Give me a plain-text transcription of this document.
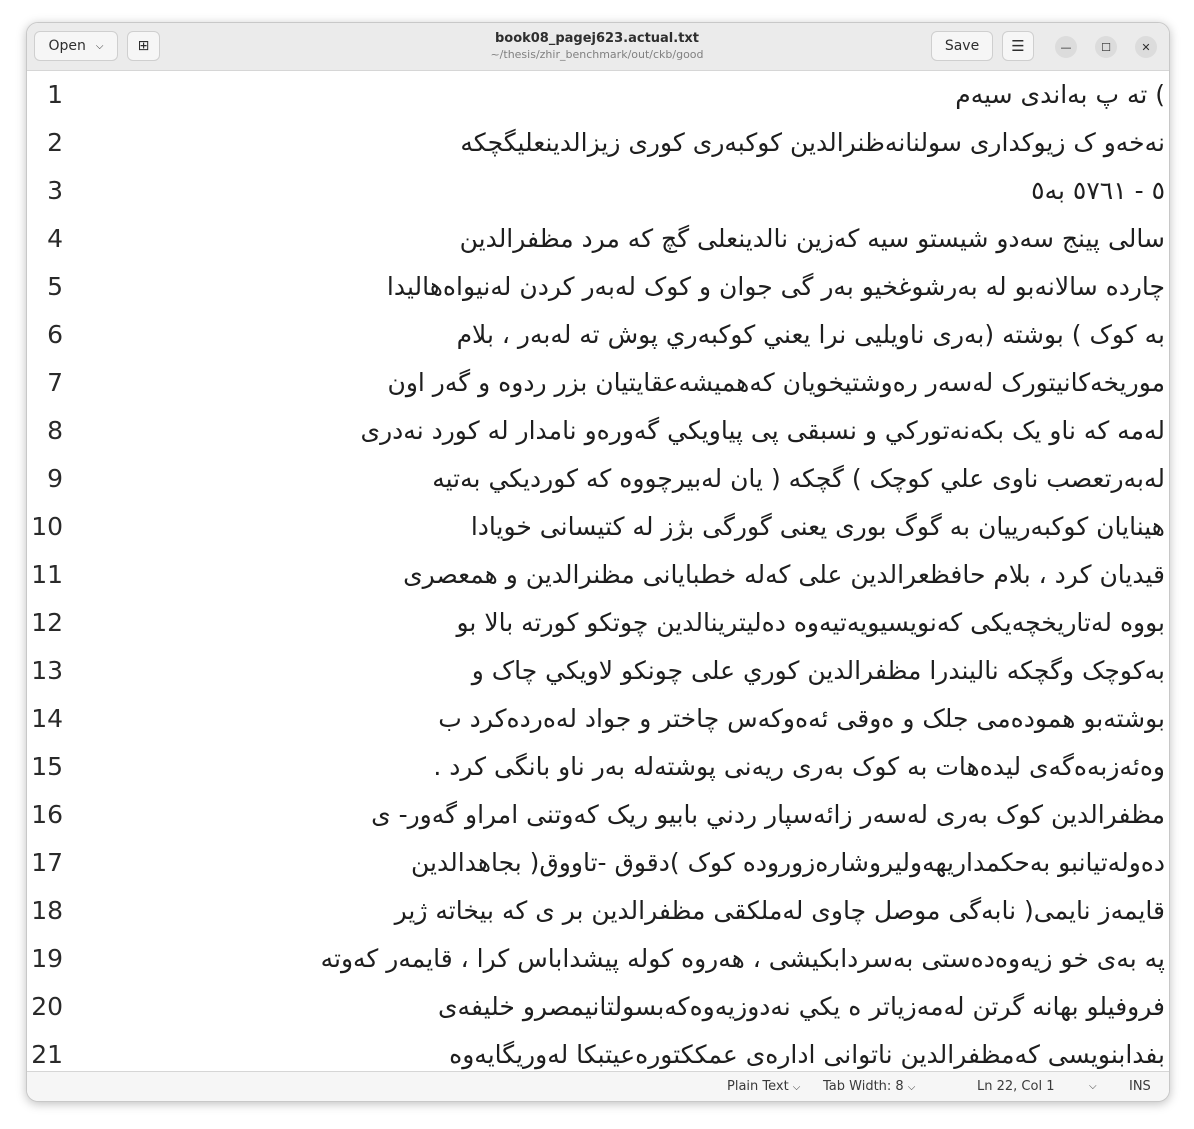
Open ⌵ ⊞	book08_pagej623.actual.txt
~/thesis/zhir_benchmark/out/ckb/good
Save	☰	—	☐	✕
1
2
3
4
5
6
7
8
9
10
11
12
13
14
15
16
17
18
19
20
21
) ته پ بەاندی سیەم
نەخەو ک زیوکداری سولنانەظنرالدین کوکبەری کوری زیزالدینعلیگچکه
٥ - ٥٧٦١ بە٥
سالی پینج سەدو شیستو سیه کەزین نالدینعلی گچ که مرد مظفرالدین
چاردە سالانەبو له بەرشوغخیو بەر گی جوان و کوک لەبەر کردن لەنیواەهالیدا
به کوک ) بوشته (بەری ناویلیی نرا یعني کوکبەري پوش ته لەبەر ، بلام
موریخەکانیتورک لەسەر رەوشتیخویان کەهمیشەعقایتیان بزر ردوه و گەر اون
لەمه که ناو یک بکەنەتورکي و نسبقی پی پیاویکي گەورەو نامدار له کورد نەدری
لەبەرتعصب ناوی علي کوچک ) گچکه ( یان لەبیرچووه که کوردیکي بەتیه
هینایان کوکبەرییان به گوگ بوری یعنی گورگی بژز له کتیسانی خویادا
قیدیان کرد ، بلام حافظعرالدین علی کەله خطبایانی مظنرالدین و همعصری
بووه لەتاریخچەیکی کەنویسیویەتیەوه دەلیترینالدین چوتکو کورته بالا بو
بەکوچک وگچکه نالیندرا مظفرالدین کوري علی چونکو لاویکي چاک و
بوشتەبو همودەمی جلک و ەوقی ئەەوکەس چاختر و جواد لەەردەکرد ب
وەئەزبەەگەی لیدەهات به کوک بەری ریەنی پوشتەله بەر ناو بانگی کرد .
مظفرالدین کوک بەری لەسەر زائەسپار ردني بابیو ریک کەوتنی امراو گەور- ی
دەولەتیانبو بەحکمداریهەولیروشارەزورودە کوک )دقوق -تاووق( بجاهدالدین
قایمەز نایمی( نابەگی موصل چاوی لەملکقی مظفرالدین بر ی که بیخاته ژیر
په بەی خو زیەوەدەستی بەسردابکیشی ، هەروه کوله پیشداباس کرا ، قایمەر کەوته
فروفیلو بهانه گرتن لەمەزیاتر ە یکي نەدوزیەوەکەبسولتانیمصرو خلیفەی
بفدابنویسی کەمظفرالدین ناتوانی ادارەی عمککتورەعیتبکا لەوریگایەوه
Plain Text ⌵ Tab Width: 8 ⌵	Ln 22, Col 1	⌵ INS
